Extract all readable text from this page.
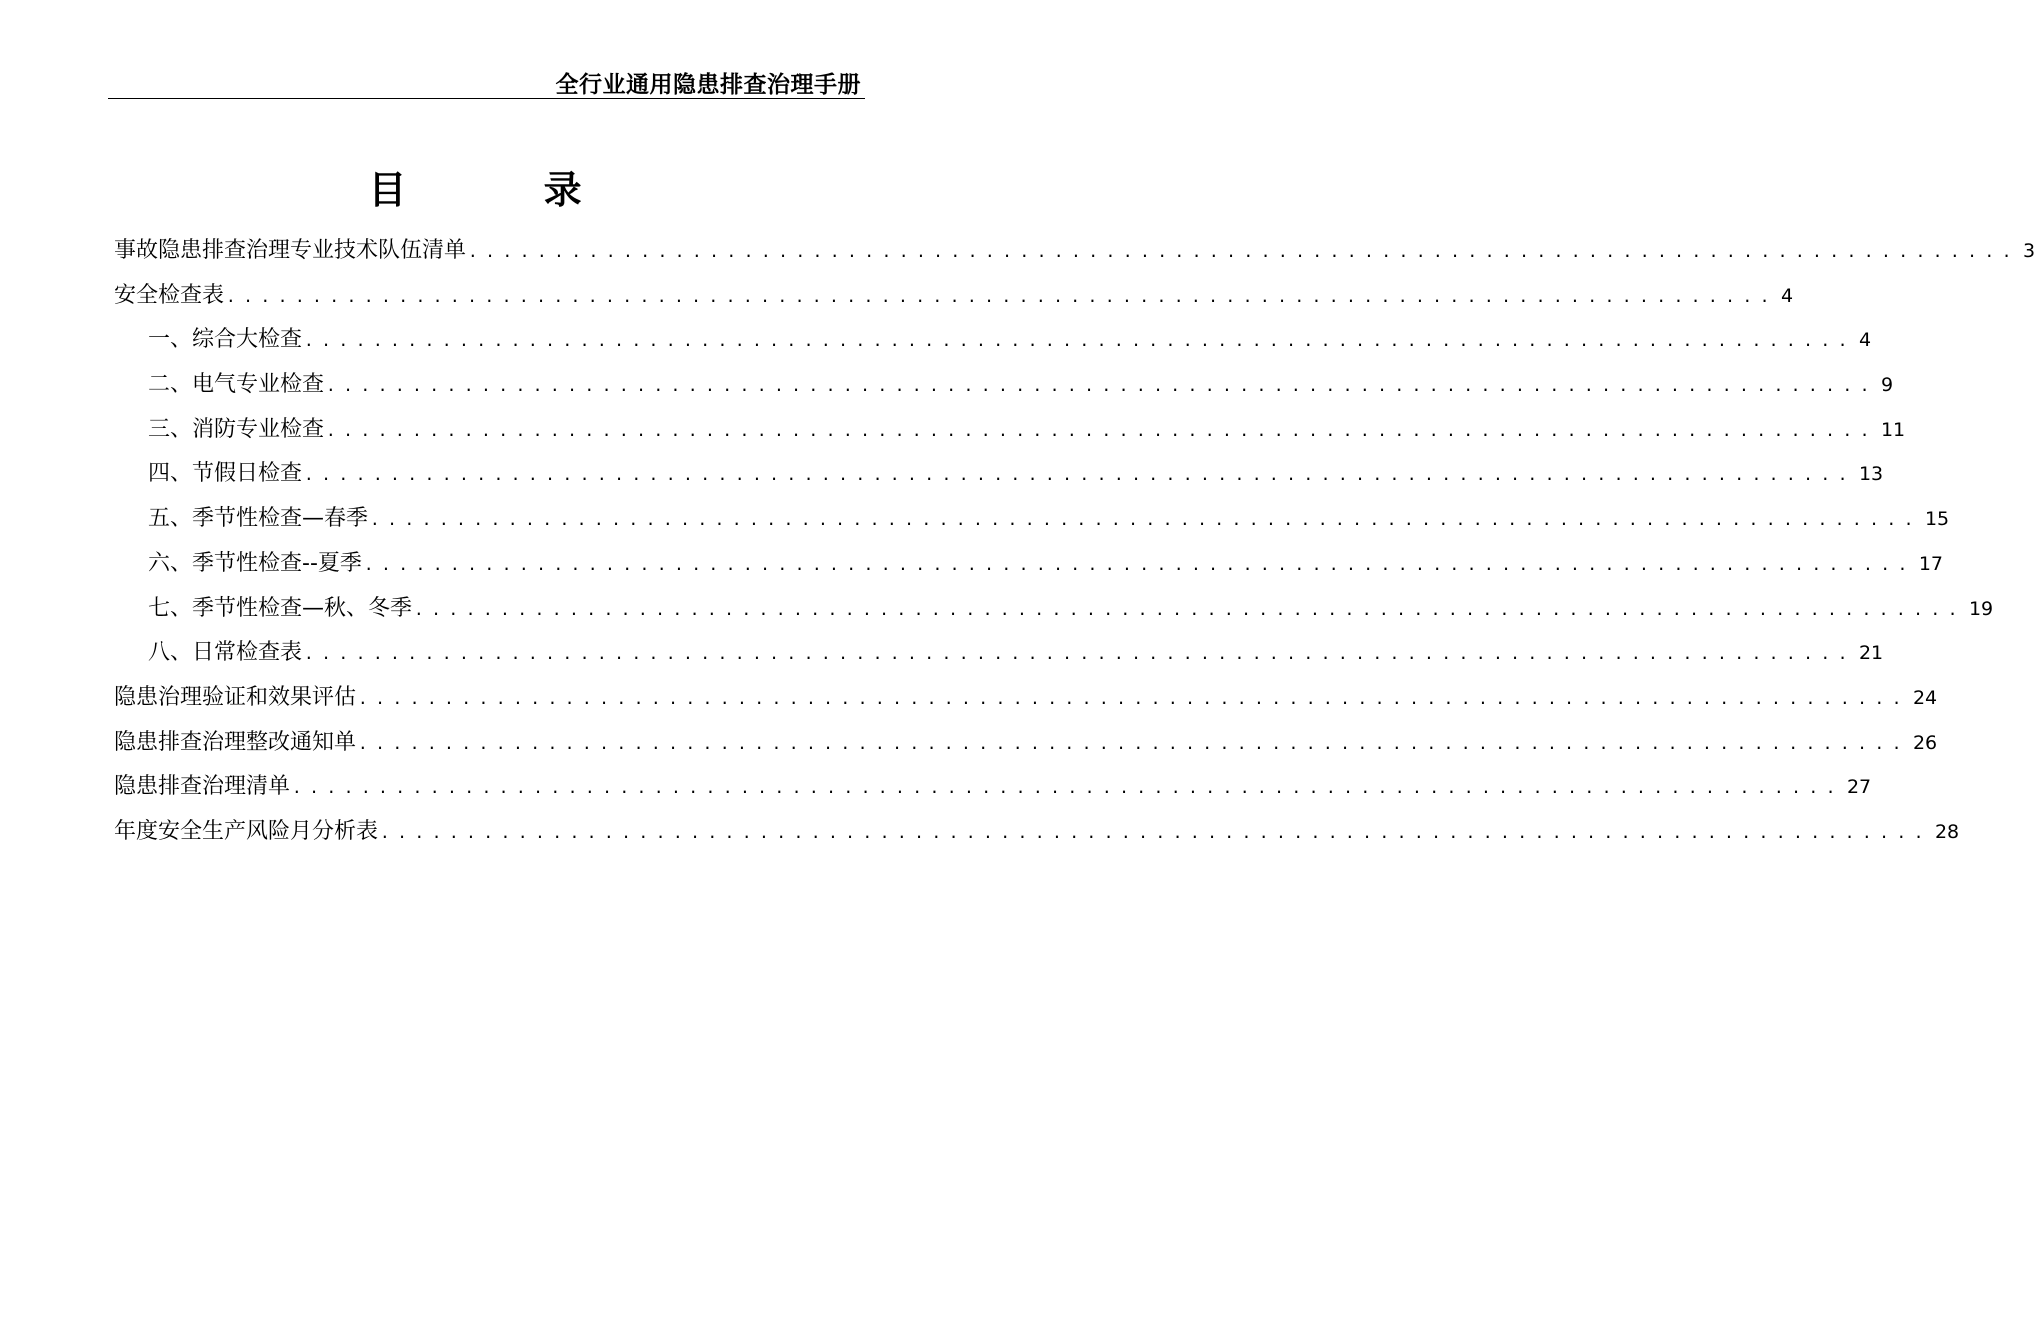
全行业通用隐患排查治理手册
目 录
事故隐患排查治理专业技术队伍清单 .......................................................................................... 3
安全检查表 .......................................................................................... 4
一、综合大检查 .......................................................................................... 4
二、电气专业检查 .......................................................................................... 9
三、消防专业检查 .......................................................................................... 11
四、节假日检查 .......................................................................................... 13
五、季节性检查—春季 .......................................................................................... 15
六、季节性检查--夏季 .......................................................................................... 17
七、季节性检查—秋、冬季 .......................................................................................... 19
八、日常检查表 .......................................................................................... 21
隐患治理验证和效果评估 .......................................................................................... 24
隐患排查治理整改通知单 .......................................................................................... 26
隐患排查治理清单 .......................................................................................... 27
年度安全生产风险月分析表 .......................................................................................... 28
